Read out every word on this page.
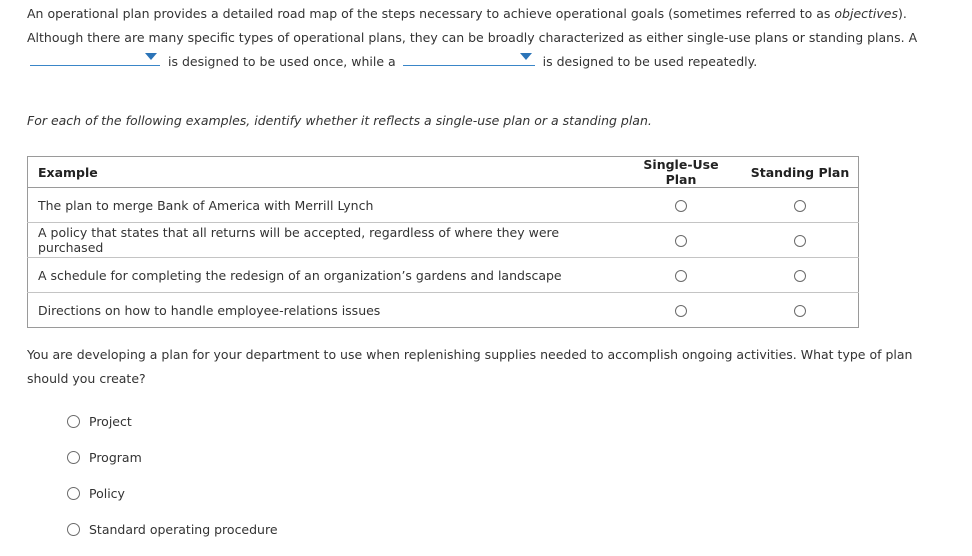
An operational plan provides a detailed road map of the steps necessary to achieve operational goals (sometimes referred to as objectives). Although there are many specific types of operational plans, they can be broadly characterized as either single-use plans or standing plans. A

is designed to be used once, while a	is designed to be used repeatedly.
For each of the following examples, identify whether it reflects a single-use plan or a standing plan.
Example	Single-Use Plan	Standing Plan
The plan to merge Bank of America with Merrill Lynch		
A policy that states that all returns will be accepted, regardless of where they were purchased		
A schedule for completing the redesign of an organization’s gardens and landscape		
Directions on how to handle employee-relations issues		
You are developing a plan for your department to use when replenishing supplies needed to accomplish ongoing activities. What type of plan should you create?
Project
Program
Policy
Standard operating procedure
